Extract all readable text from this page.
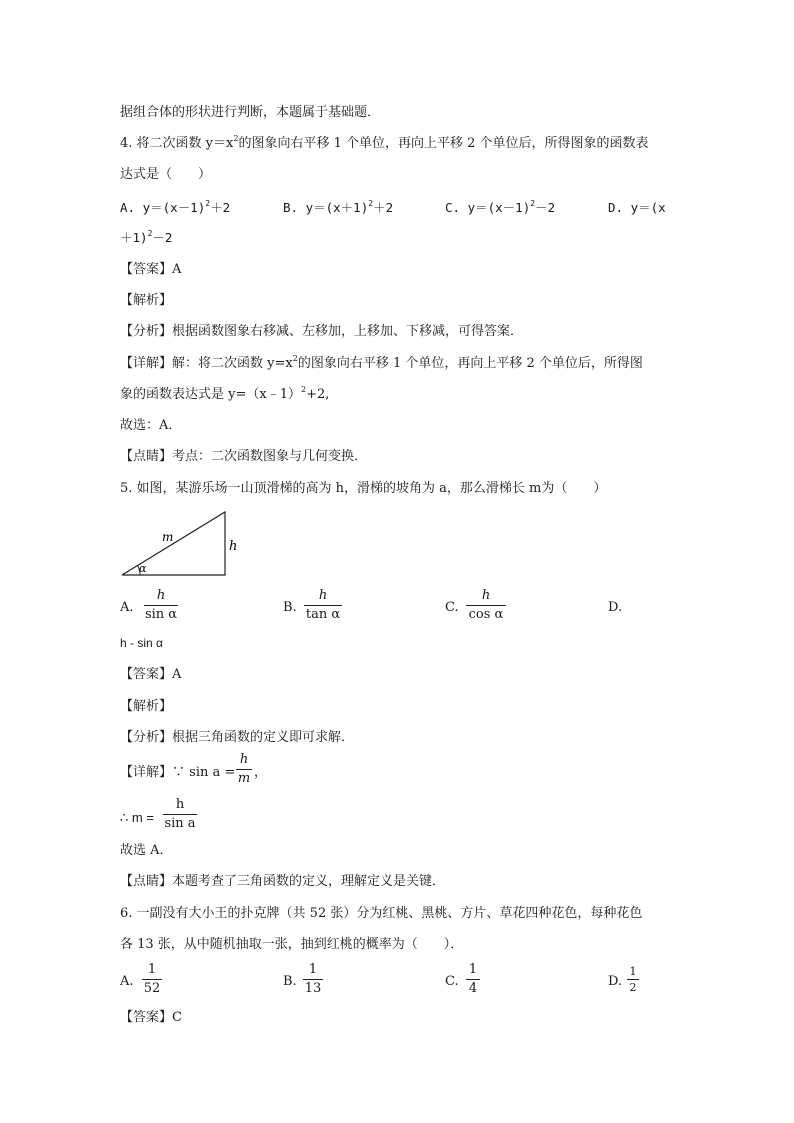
据组合体的形状进行判断，本题属于基础题．
4. 将二次函数 $y=x^2$的图象向右平移 1 个单位，再向上平移 2 个单位后，所得图象的函数表
达式是（　　）
A. $y=(x-1)^2+2$	B. $y=(x+1)^2+2$	C. $y=(x-1)^2-2$	D. y＝(x
＋1)$^2$－2
【答案】A
【解析】
【分析】根据函数图象右移减、左移加，上移加、下移减，可得答案．
【详解】解：将二次函数 $y=x^2$的图象向右平移 1 个单位，再向上平移 2 个单位后，所得图
象的函数表达式是 y=（x﹣1）$^2$+2,
故选：A．
【点睛】考点：二次函数图象与几何变换．
5. 如图，某游乐场一山顶滑梯的高为 h，滑梯的坡角为 a，那么滑梯长 m为（　　）
m
h
α
A.
h
sin α	B.
h
tan α	C.
h
cos α	D.
h - sin α
【答案】A
【解析】
【分析】根据三角函数的定义即可求解．
【详解】∵ sin a =
h
m ，
∴ m =
h
sin a
故选 A．
【点睛】本题考查了三角函数的定义，理解定义是关键．
6. 一副没有大小王的扑克牌（共 52 张）分为红桃、黑桃、方片、草花四种花色，每种花色
各 13 张，从中随机抽取一张，抽到红桃的概率为（　　）．
A.
1
52	B.
1
13	C.
1
4	D.
1
2
【答案】C
